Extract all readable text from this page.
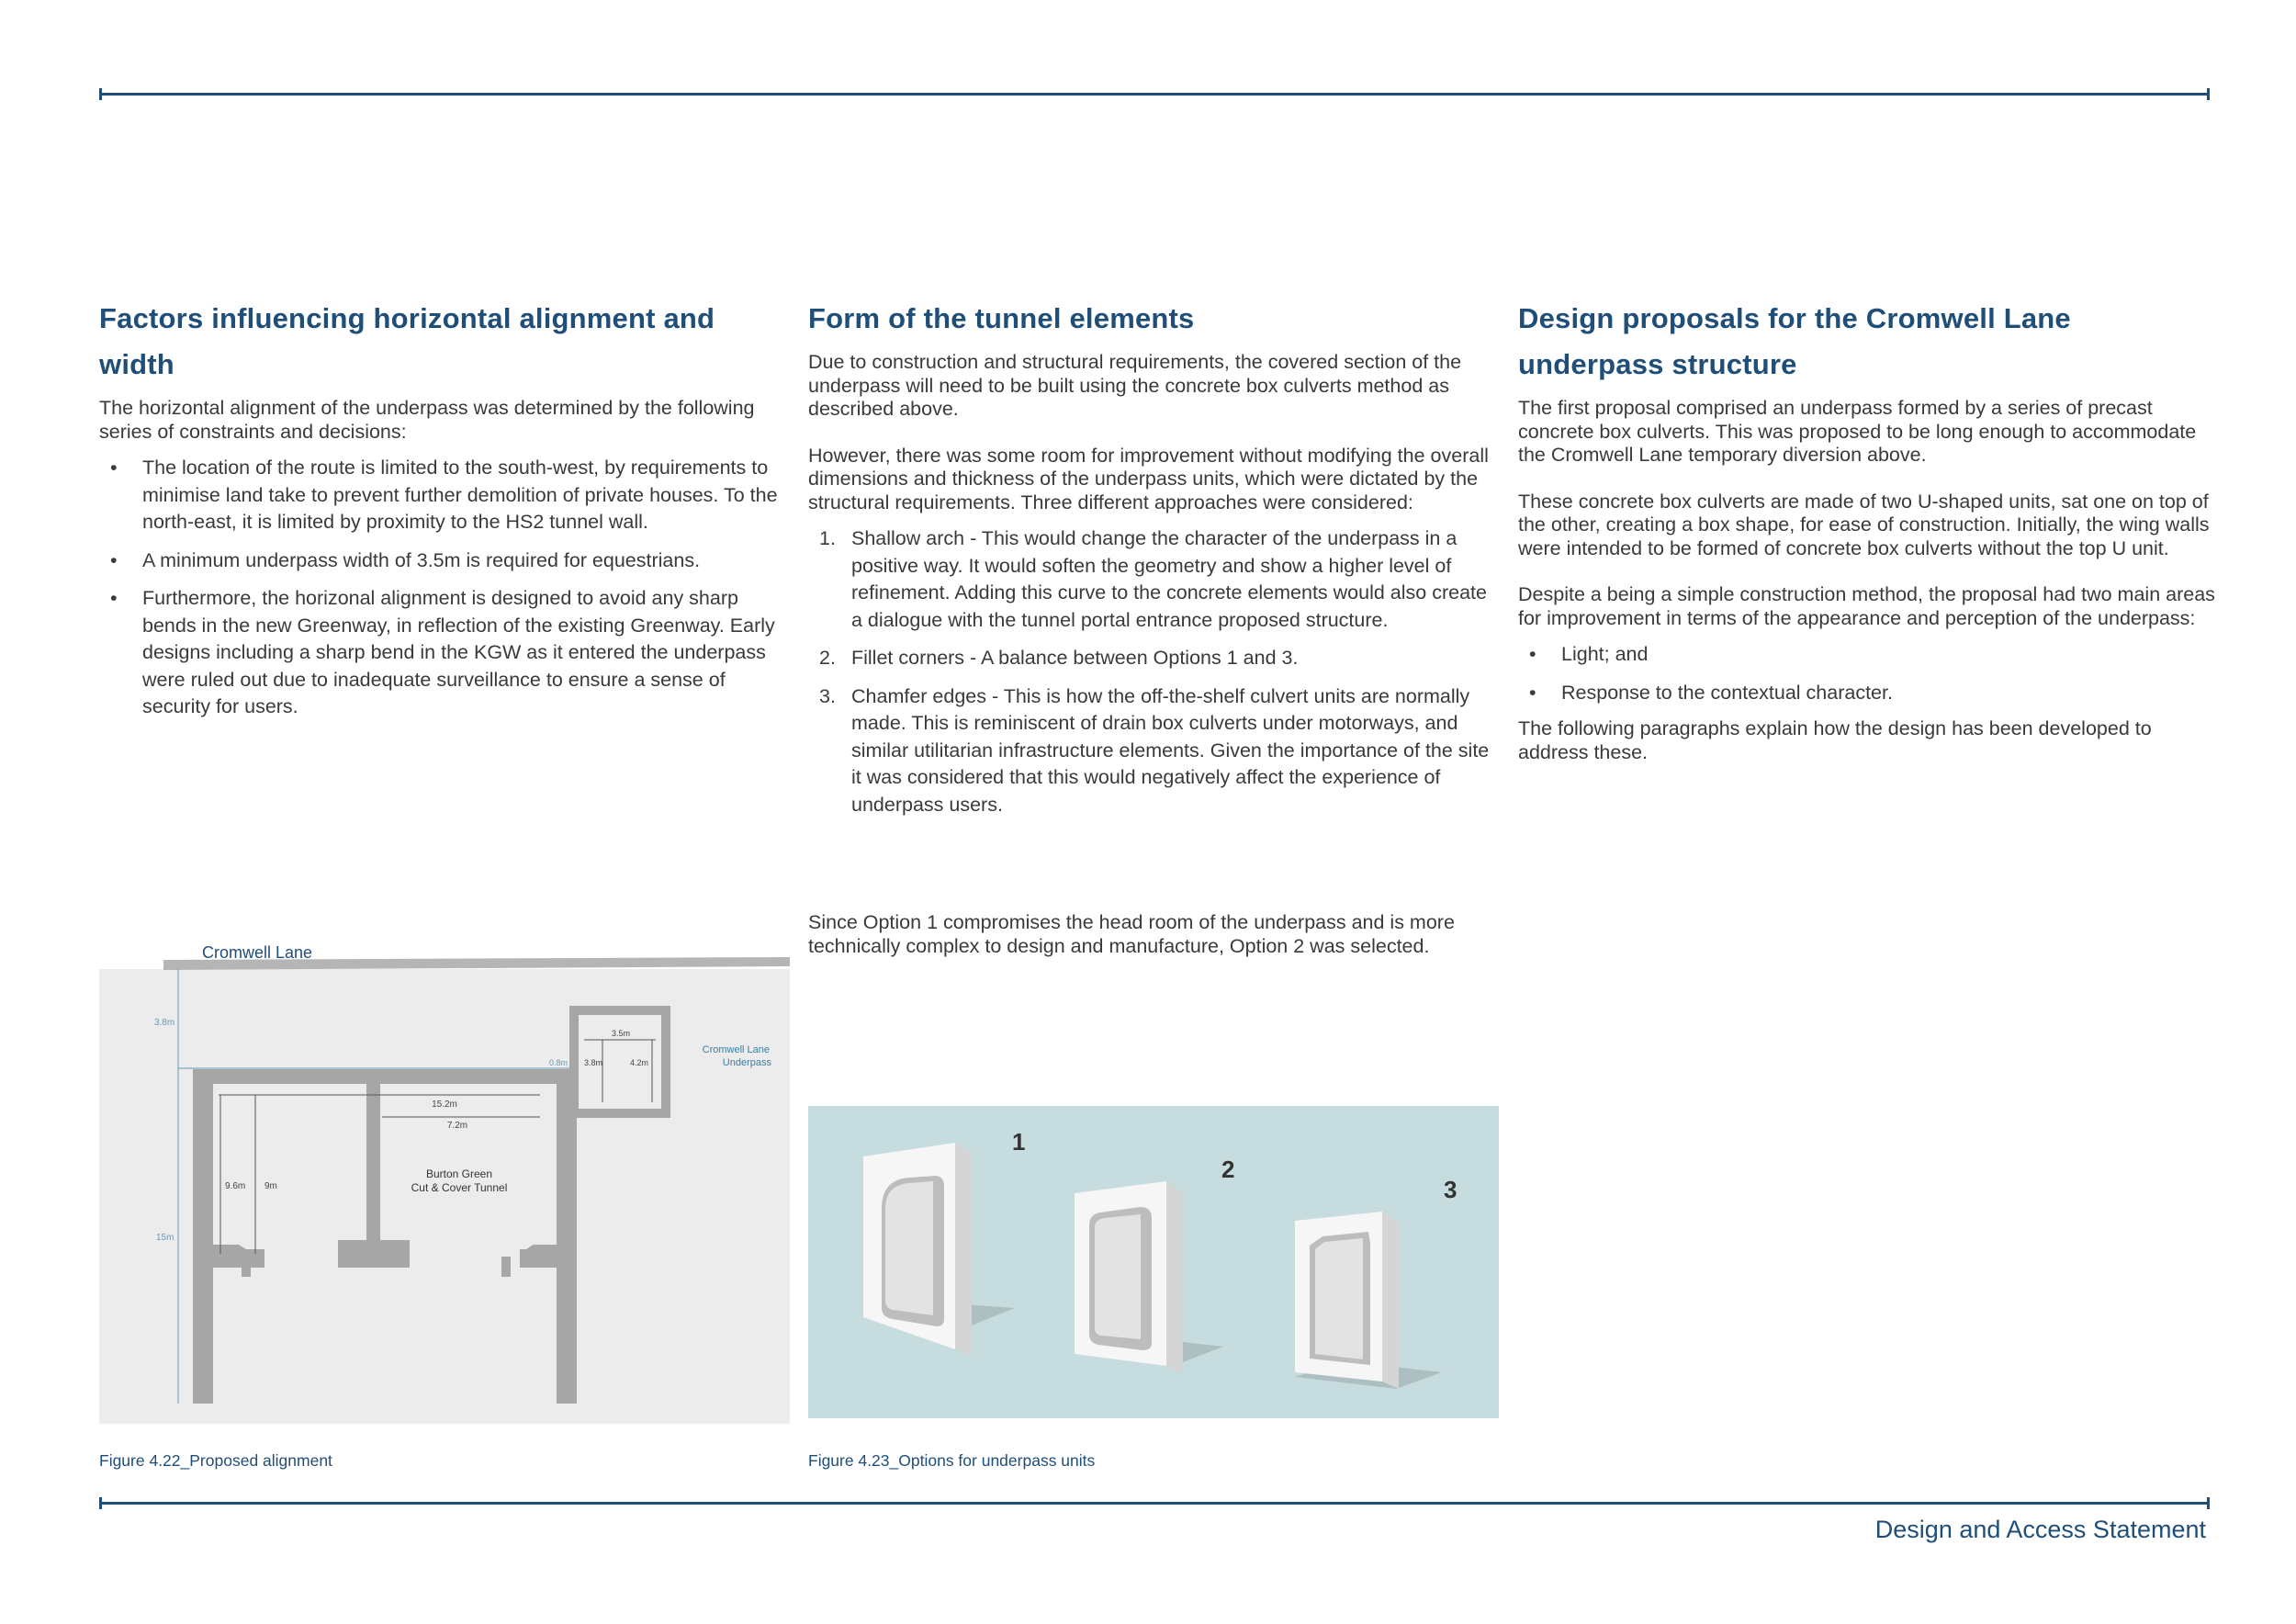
Factors influencing horizontal alignment and width

The horizontal alignment of the underpass was determined by the following series of constraints and decisions:

• The location of the route is limited to the south-west, by requirements to minimise land take to prevent further demolition of private houses. To the north-east, it is limited by proximity to the HS2 tunnel wall.
• A minimum underpass width of 3.5m is required for equestrians.
• Furthermore, the horizonal alignment is designed to avoid any sharp bends in the new Greenway, in reflection of the existing Greenway. Early designs including a sharp bend in the KGW as it entered the underpass were ruled out due to inadequate surveillance to ensure a sense of security for users.
Form of the tunnel elements

Due to construction and structural requirements, the covered section of the underpass will need to be built using the concrete box culverts method as described above.

However, there was some room for improvement without modifying the overall dimensions and thickness of the underpass units, which were dictated by the structural requirements. Three different approaches were considered:

1. Shallow arch - This would change the character of the underpass in a positive way. It would soften the geometry and show a higher level of refinement. Adding this curve to the concrete elements would also create a dialogue with the tunnel portal entrance proposed structure.
2. Fillet corners - A balance between Options 1 and 3.
3. Chamfer edges - This is how the off-the-shelf culvert units are normally made. This is reminiscent of drain box culverts under motorways, and similar utilitarian infrastructure elements. Given the importance of the site it was considered that this would negatively affect the experience of underpass users.

Since Option 1 compromises the head room of the underpass and is more technically complex to design and manufacture, Option 2 was selected.

Design proposals for the Cromwell Lane underpass structure

The first proposal comprised an underpass formed by a series of precast concrete box culverts. This was proposed to be long enough to accommodate the Cromwell Lane temporary diversion above.

These concrete box culverts are made of two U-shaped units, sat one on top of the other, creating a box shape, for ease of construction. Initially, the wing walls were intended to be formed of concrete box culverts without the top U unit.

Despite a being a simple construction method, the proposal had two main areas for improvement in terms of the appearance and perception of the underpass:

• Light; and
• Response to the contextual character.

The following paragraphs explain how the design has been developed to address these.

Cromwell Lane
3.8m
15m
15.2m
7.2m
9.6m 9m
Burton Green
Cut & Cover Tunnel
3.5m
3.8m	4.2m
0.8m
Cromwell Lane
Underpass
Figure 4.22_Proposed alignment
1
2
3
Figure 4.23_Options for underpass units
Design and Access Statement
